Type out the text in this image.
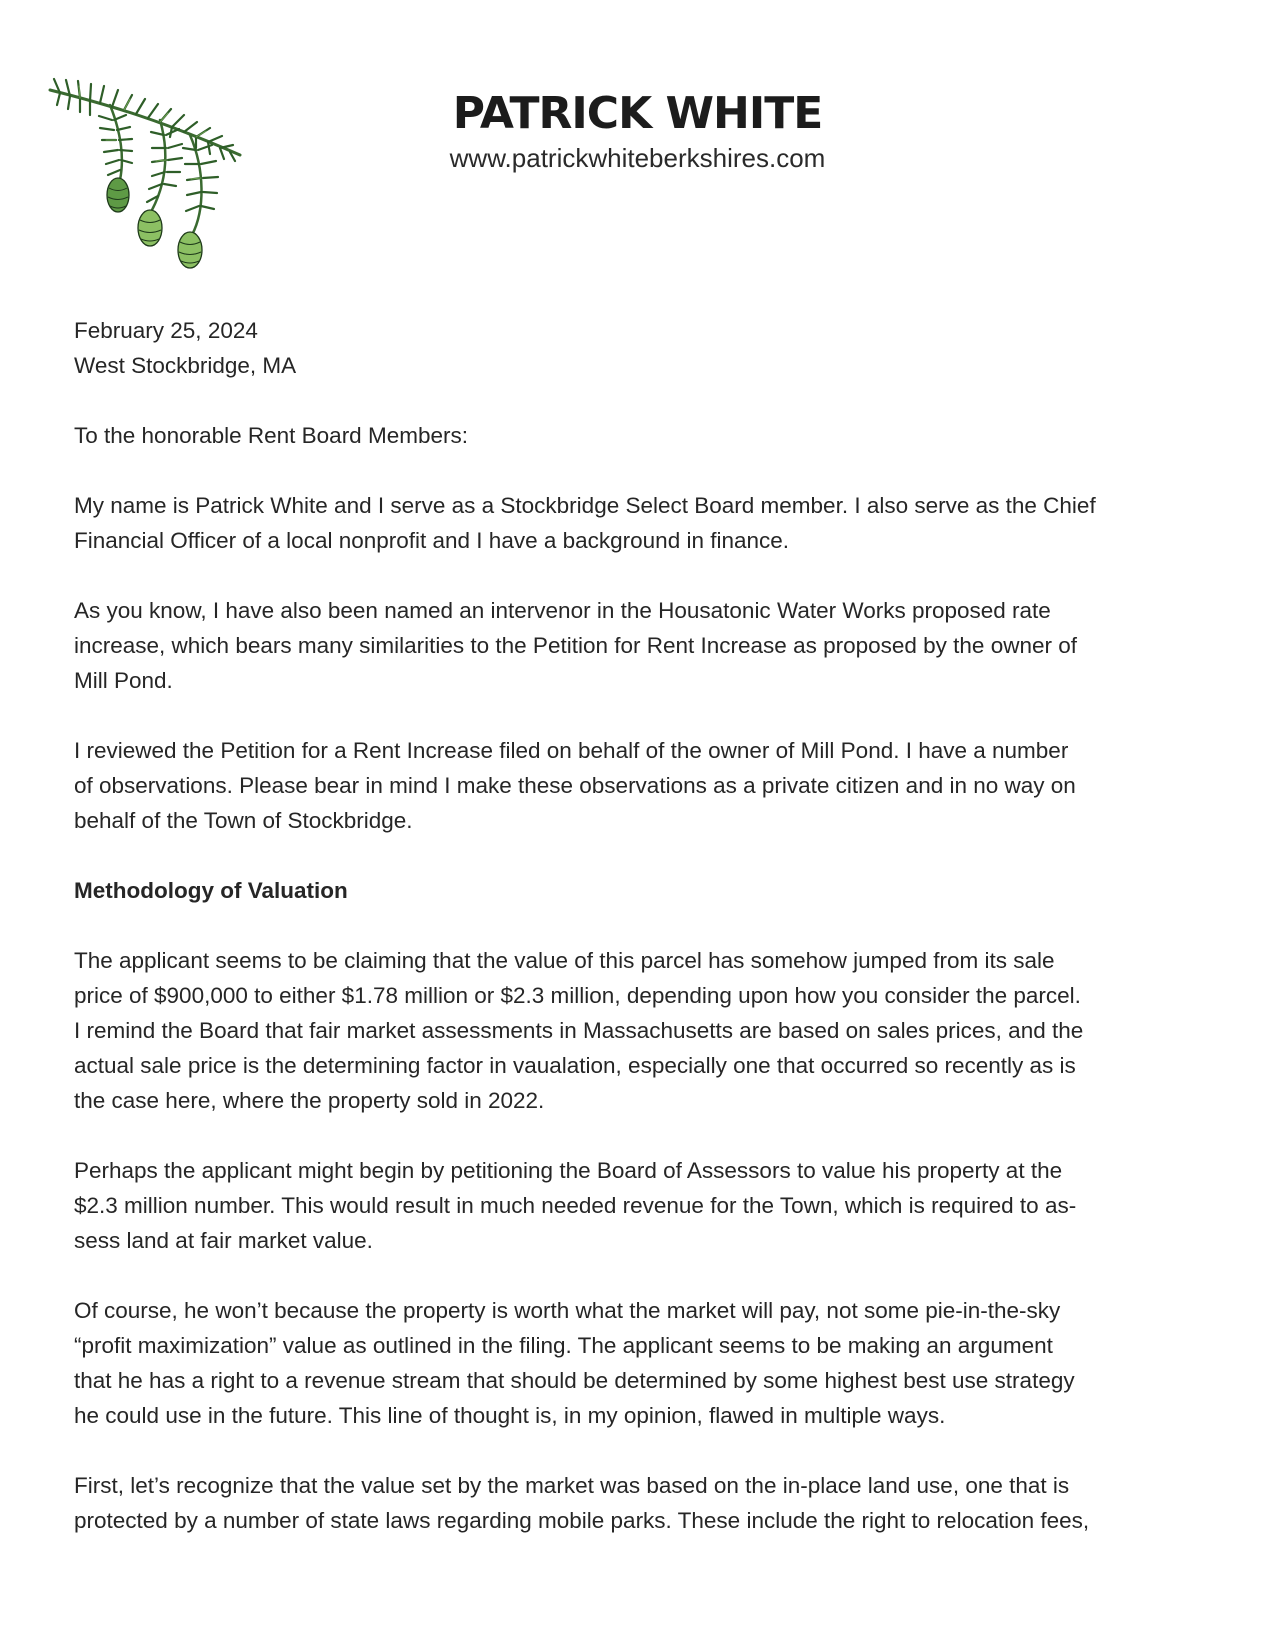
PATRICK WHITE
www.patrickwhiteberkshires.com

February 25, 2024

West Stockbridge, MA

To the honorable Rent Board Members:

My name is Patrick White and I serve as a Stockbridge Select Board member. I also serve as the Chief
Financial Officer of a local nonprofit and I have a background in finance.

As you know, I have also been named an intervenor in the Housatonic Water Works proposed rate
increase, which bears many similarities to the Petition for Rent Increase as proposed by the owner of
Mill Pond.

I reviewed the Petition for a Rent Increase filed on behalf of the owner of Mill Pond. I have a number
of observations. Please bear in mind I make these observations as a private citizen and in no way on
behalf of the Town of Stockbridge.

Methodology of Valuation

The applicant seems to be claiming that the value of this parcel has somehow jumped from its sale
price of $900,000 to either $1.78 million or $2.3 million, depending upon how you consider the parcel.
I remind the Board that fair market assessments in Massachusetts are based on sales prices, and the
actual sale price is the determining factor in vaualation, especially one that occurred so recently as is
the case here, where the property sold in 2022.

Perhaps the applicant might begin by petitioning the Board of Assessors to value his property at the
$2.3 million number. This would result in much needed revenue for the Town, which is required to as-
sess land at fair market value.

Of course, he won’t because the property is worth what the market will pay, not some pie-in-the-sky
“profit maximization” value as outlined in the filing. The applicant seems to be making an argument
that he has a right to a revenue stream that should be determined by some highest best use strategy
he could use in the future. This line of thought is, in my opinion, flawed in multiple ways.

First, let’s recognize that the value set by the market was based on the in-place land use, one that is
protected by a number of state laws regarding mobile parks. These include the right to relocation fees,
